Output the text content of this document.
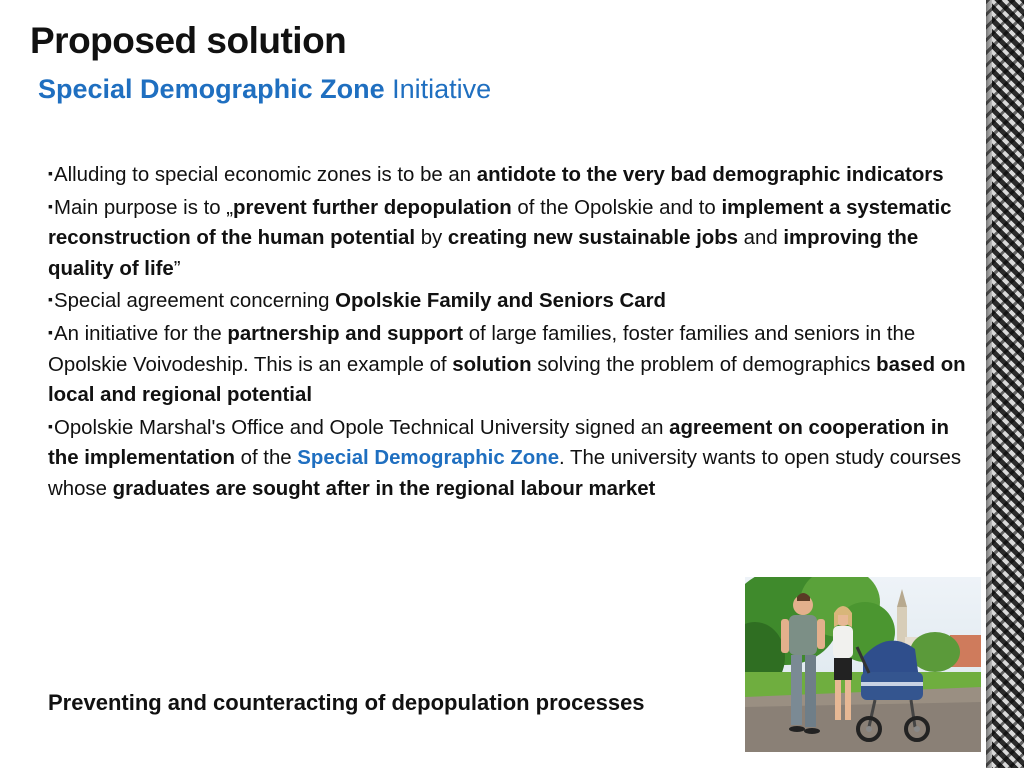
Proposed solution
Special Demographic Zone Initiative

▪Alluding to special economic zones is to be an antidote to the very bad demographic indicators

▪Main purpose is to „prevent further depopulation of the Opolskie and to implement a systematic reconstruction of the human potential by creating new sustainable jobs and improving the quality of life”

▪Special agreement concerning Opolskie Family and Seniors Card

▪An initiative for the partnership and support of large families, foster families and seniors in the Opolskie Voivodeship. This is an example of solution solving the problem of demographics based on local and regional potential

▪Opolskie Marshal's Office and Opole Technical University signed an agreement on cooperation in the implementation of the Special Demographic Zone. The university wants to open study courses whose graduates are sought after in the regional labour market

Preventing and counteracting of depopulation processes
